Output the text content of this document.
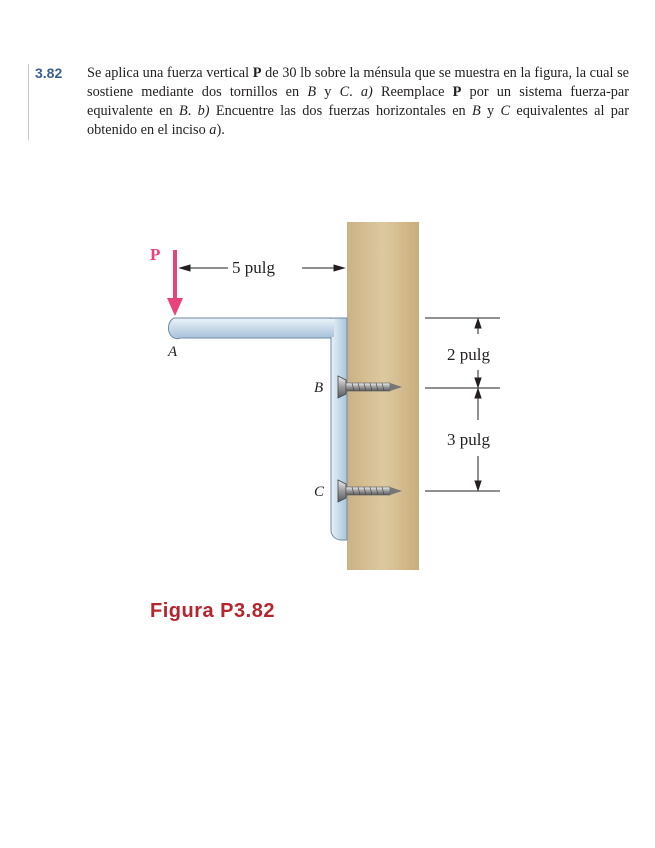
3.82	Se aplica una fuerza vertical P de 30 lb sobre la ménsula que se muestra en la figura, la cual se sostiene mediante dos tornillos en B y C. a) Reemplace P por un sistema fuerza-par equivalente en B. b) Encuentre las dos fuerzas horizontales en B y C equivalentes al par obtenido en el inciso a).
P
5 pulg
A
B
C
2 pulg
3 pulg
Figura P3.82
